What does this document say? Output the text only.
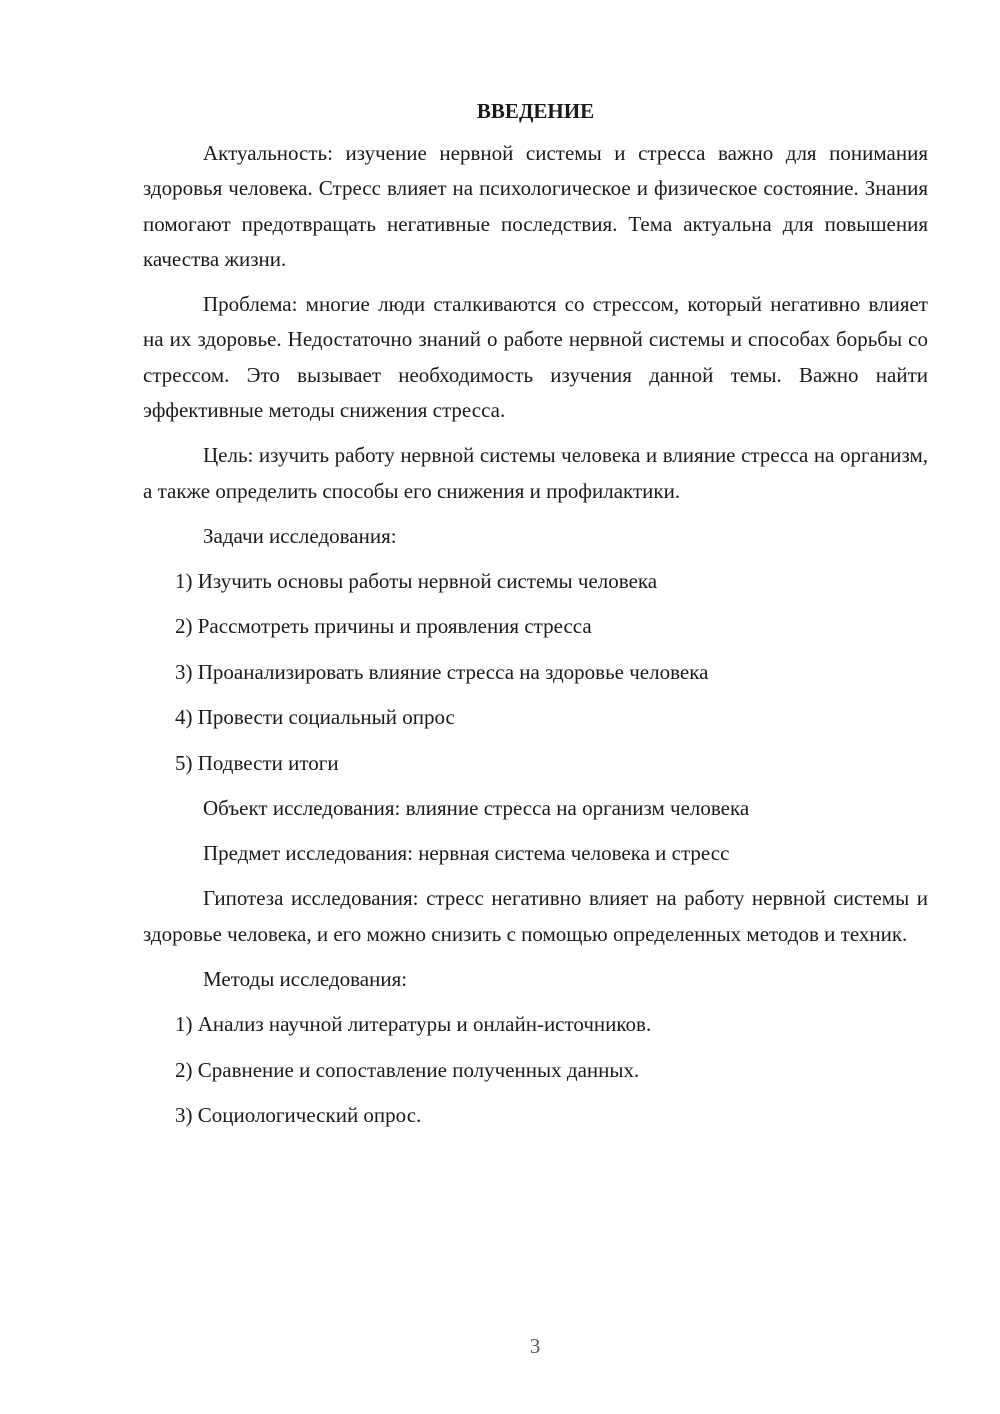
ВВЕДЕНИЕ

Актуальность: изучение нервной системы и стресса важно для понимания здоровья человека. Стресс влияет на психологическое и физическое состояние. Знания помогают предотвращать негативные последствия. Тема актуальна для повышения качества жизни.

Проблема: многие люди сталкиваются со стрессом, который негативно влияет на их здоровье. Недостаточно знаний о работе нервной системы и способах борьбы со стрессом. Это вызывает необходимость изучения данной темы. Важно найти эффективные методы снижения стресса.

Цель: изучить работу нервной системы человека и влияние стресса на организм, а также определить способы его снижения и профилактики.

Задачи исследования:
1) Изучить основы работы нервной системы человека
2) Рассмотреть причины и проявления стресса
3) Проанализировать влияние стресса на здоровье человека
4) Провести социальный опрос
5) Подвести итоги
Объект исследования: влияние стресса на организм человека
Предмет исследования: нервная система человека и стресс

Гипотеза исследования: стресс негативно влияет на работу нервной системы и здоровье человека, и его можно снизить с помощью определенных методов и техник.

Методы исследования:
1) Анализ научной литературы и онлайн-источников.
2) Сравнение и сопоставление полученных данных.
3) Социологический опрос.
3
